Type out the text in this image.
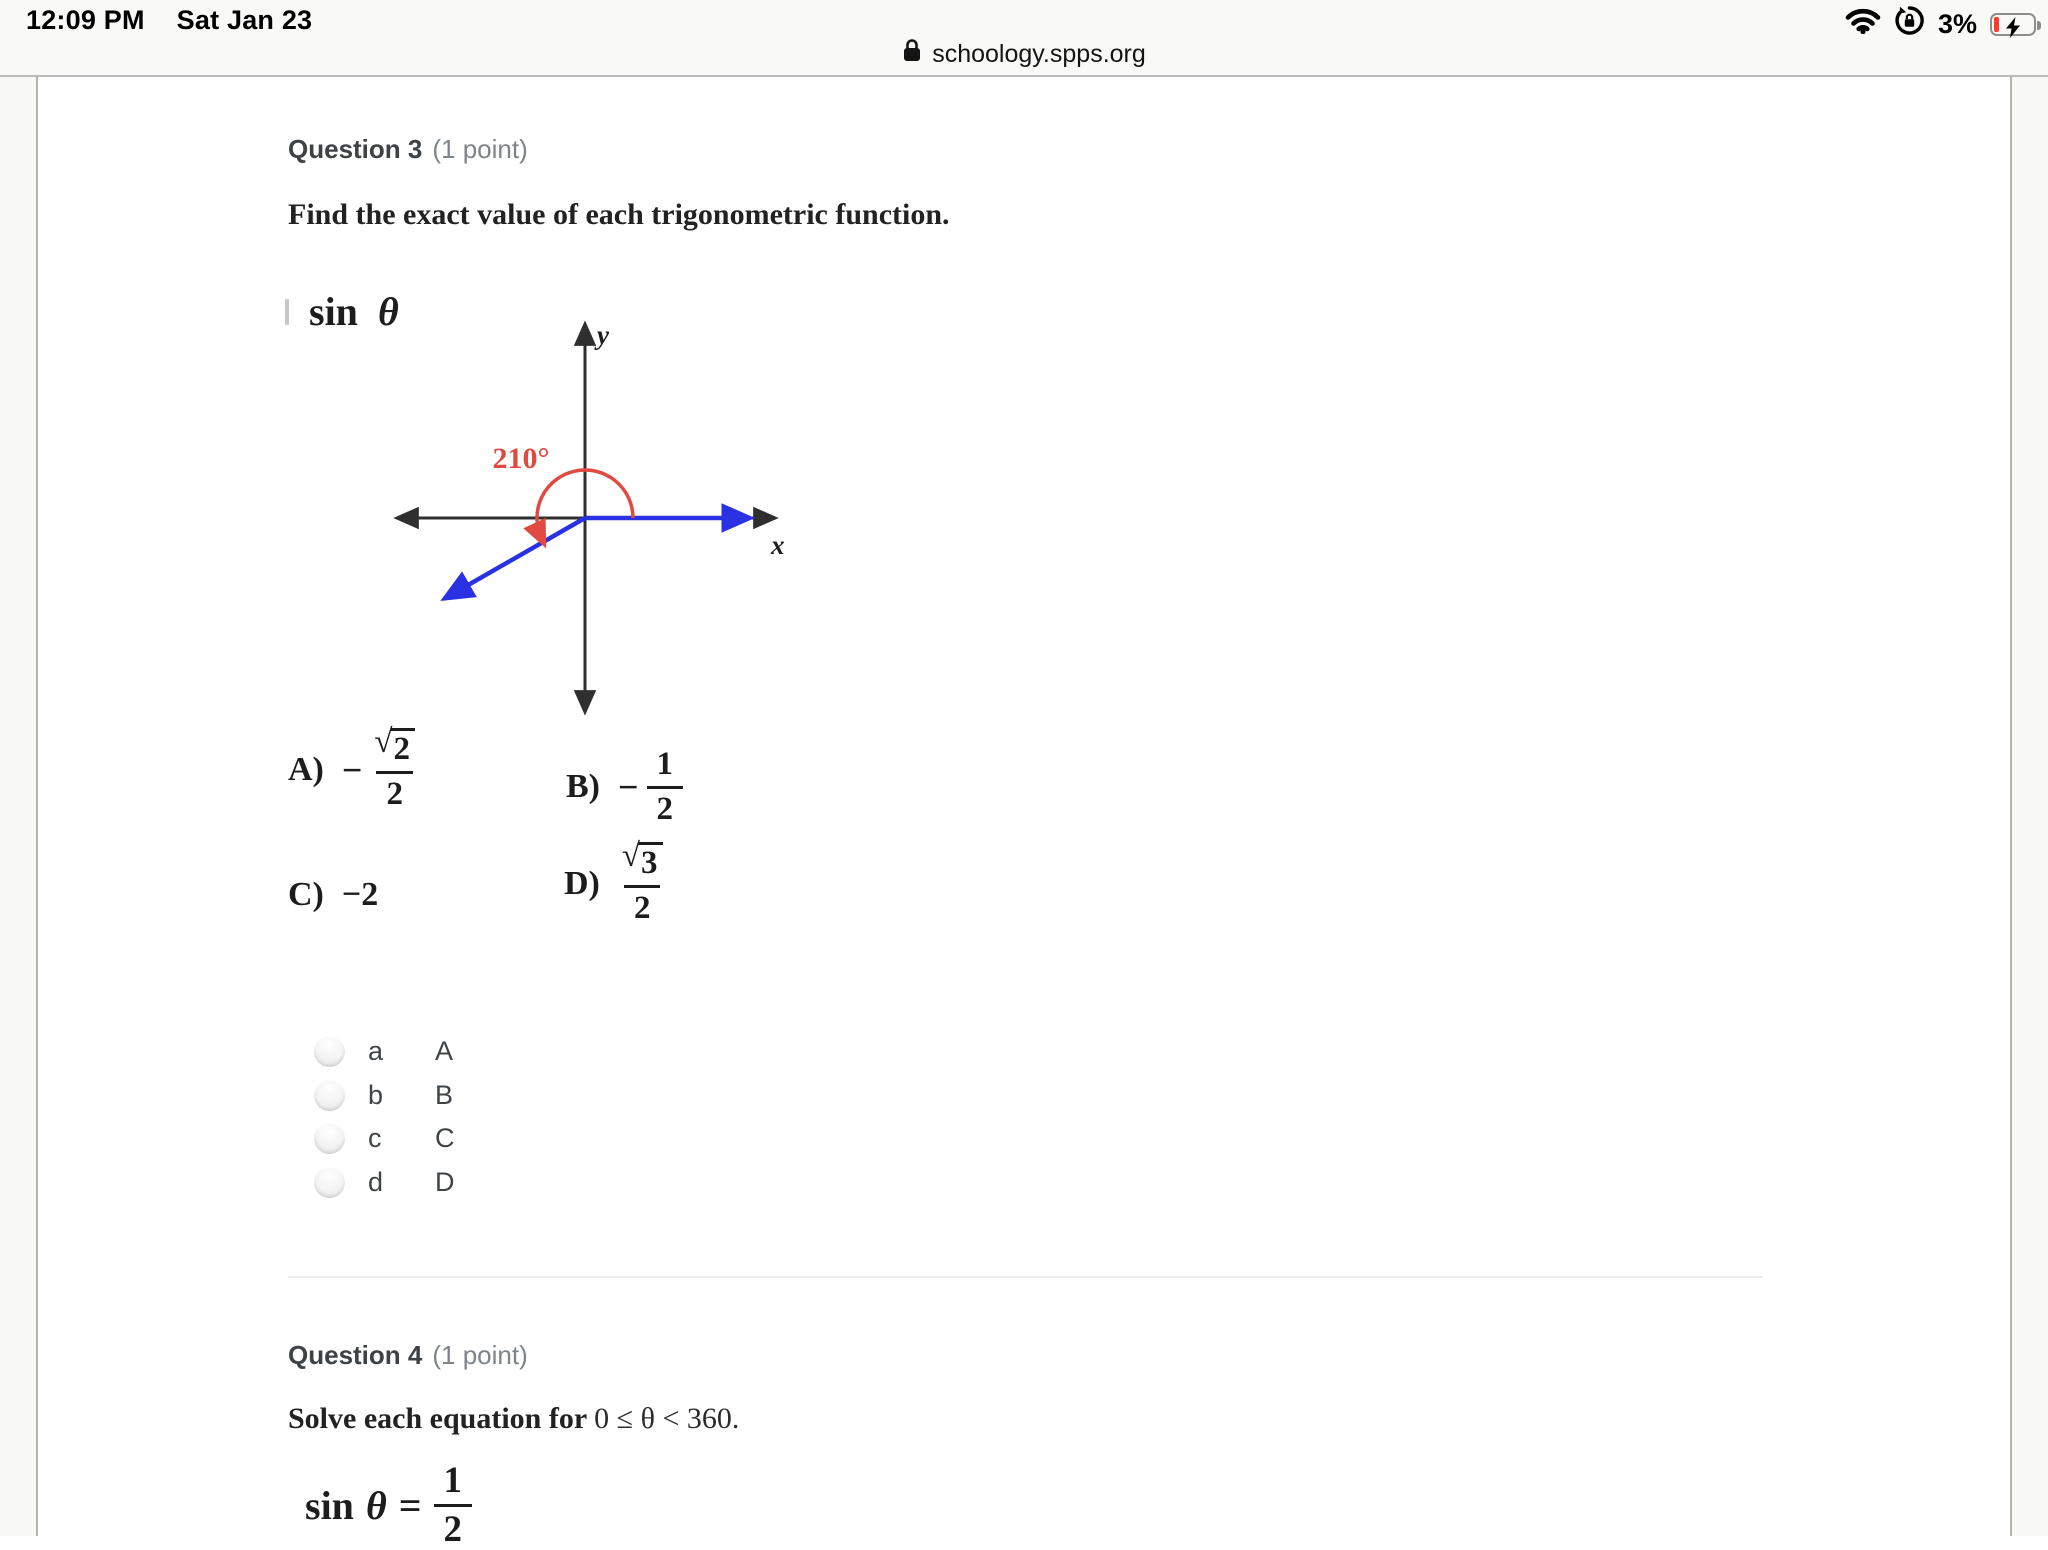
12:09 PM Sat Jan 23	3%
schoology.spps.org
Question 3 (1 point)
Find the exact value of each trigonometric function.
sin θ
210°
y
x
$A) - \frac{√ 2}{2}$	$B) - \frac{1}{2}$
C) −2	$D) \frac{√ 3}{2}$
a	A
b	B
c	C
d	D
Question 4 (1 point)
Solve each equation for 0 ≤ θ < 360.
$\sin \theta = \frac{1}{2}$
